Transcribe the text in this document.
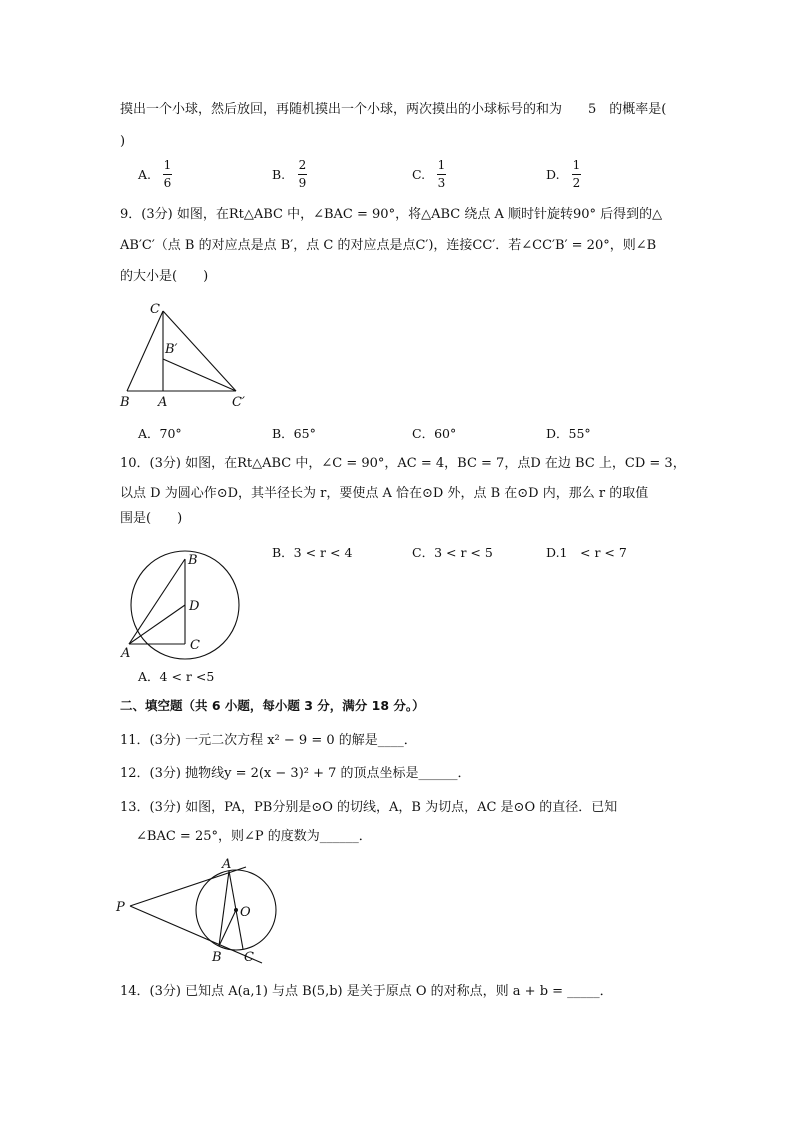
摸出一个小球，然后放回，再随机摸出一个小球，两次摸出的小球标号的和为　　5　的概率是(
)
A.
1
6
B.
2
9
C.
1
3
D.
1
2
9．(3分) 如图，在Rt△ABC 中，∠BAC = 90°，将△ABC 绕点 A 顺时针旋转90° 后得到的△
AB′C′（点 B 的对应点是点 B′，点 C 的对应点是点C′)，连接CC′．若∠CC′B′ = 20°，则∠B
的大小是(　　)
C
B′
B A	C′
A．70°	B．65°	C．60°	D．55°
10．(3分) 如图，在Rt△ABC 中，∠C = 90°，AC = 4，BC = 7，点D 在边 BC 上，CD = 3，
以点 D 为圆心作⊙D，其半径长为 r，要使点 A 恰在⊙D 外，点 B 在⊙D 内，那么 r 的取值
围是(　　)
B
D
A
C
B．3 < r < 4	C．3 < r < 5	D.1　< r < 7
A．4 < r <5
二、填空题（共 6 小题，每小题 3 分，满分 18 分。）
11．(3分) 一元二次方程 x² − 9 = 0 的解是____．
12．(3分) 抛物线y = 2(x − 3)² + 7 的顶点坐标是______．
13．(3分) 如图，PA，PB分别是⊙O 的切线，A，B 为切点，AC 是⊙O 的直径．已知
∠BAC = 25°，则∠P 的度数为______．
A
P	O
B C
14．(3分) 已知点 A(a,1) 与点 B(5,b) 是关于原点 O 的对称点，则 a + b = _____．
